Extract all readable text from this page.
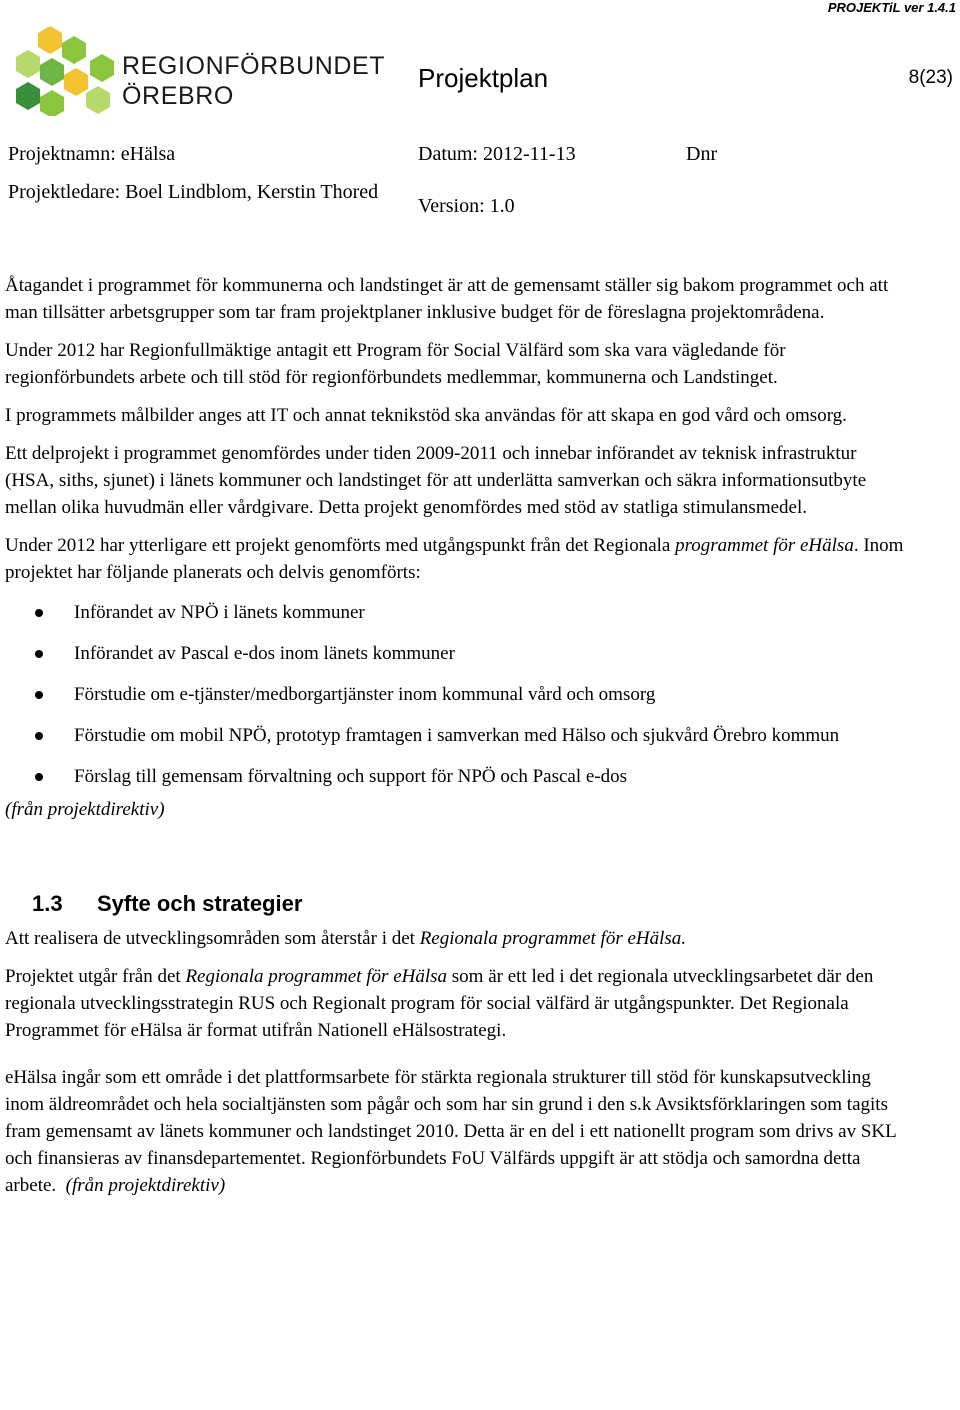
PROJEKTiL ver 1.4.1
REGIONFÖRBUNDET
ÖREBRO
Projektplan	8(23)
Projektnamn: eHälsa	Datum: 2012-11-13	Dnr
Projektledare: Boel Lindblom, Kerstin Thored
Version: 1.0

Åtagandet i programmet för kommunerna och landstinget är att de gemensamt ställer sig bakom programmet och att man tillsätter arbetsgrupper som tar fram projektplaner inklusive budget för de föreslagna projektområdena.

Under 2012 har Regionfullmäktige antagit ett Program för Social Välfärd som ska vara vägledande för regionförbundets arbete och till stöd för regionförbundets medlemmar, kommunerna och Landstinget.

I programmets målbilder anges att IT och annat teknikstöd ska användas för att skapa en god vård och omsorg.

Ett delprojekt i programmet genomfördes under tiden 2009-2011 och innebar införandet av teknisk infrastruktur (HSA, siths, sjunet) i länets kommuner och landstinget för att underlätta samverkan och säkra informationsutbyte mellan olika huvudmän eller vårdgivare. Detta projekt genomfördes med stöd av statliga stimulansmedel.

Under 2012 har ytterligare ett projekt genomförts med utgångspunkt från det Regionala programmet för eHälsa. Inom projektet har följande planerats och delvis genomförts:

Införandet av NPÖ i länets kommuner
Införandet av Pascal e-dos inom länets kommuner
Förstudie om e-tjänster/medborgartjänster inom kommunal vård och omsorg
Förstudie om mobil NPÖ, prototyp framtagen i samverkan med Hälso och sjukvård Örebro kommun
Förslag till gemensam förvaltning och support för NPÖ och Pascal e-dos

(från projektdirektiv)

1.3 Syfte och strategier

Att realisera de utvecklingsområden som återstår i det Regionala programmet för eHälsa.

Projektet utgår från det Regionala programmet för eHälsa som är ett led i det regionala utvecklingsarbetet där den regionala utvecklingsstrategin RUS och Regionalt program för social välfärd är utgångspunkter. Det Regionala Programmet för eHälsa är format utifrån Nationell eHälsostrategi.

eHälsa ingår som ett område i det plattformsarbete för stärkta regionala strukturer till stöd för kunskapsutveckling inom äldreområdet och hela socialtjänsten som pågår och som har sin grund i den s.k Avsiktsförklaringen som tagits fram gemensamt av länets kommuner och landstinget 2010. Detta är en del i ett nationellt program som drivs av SKL och finansieras av finansdepartementet. Regionförbundets FoU Välfärds uppgift är att stödja och samordna detta arbete. (från projektdirektiv)
